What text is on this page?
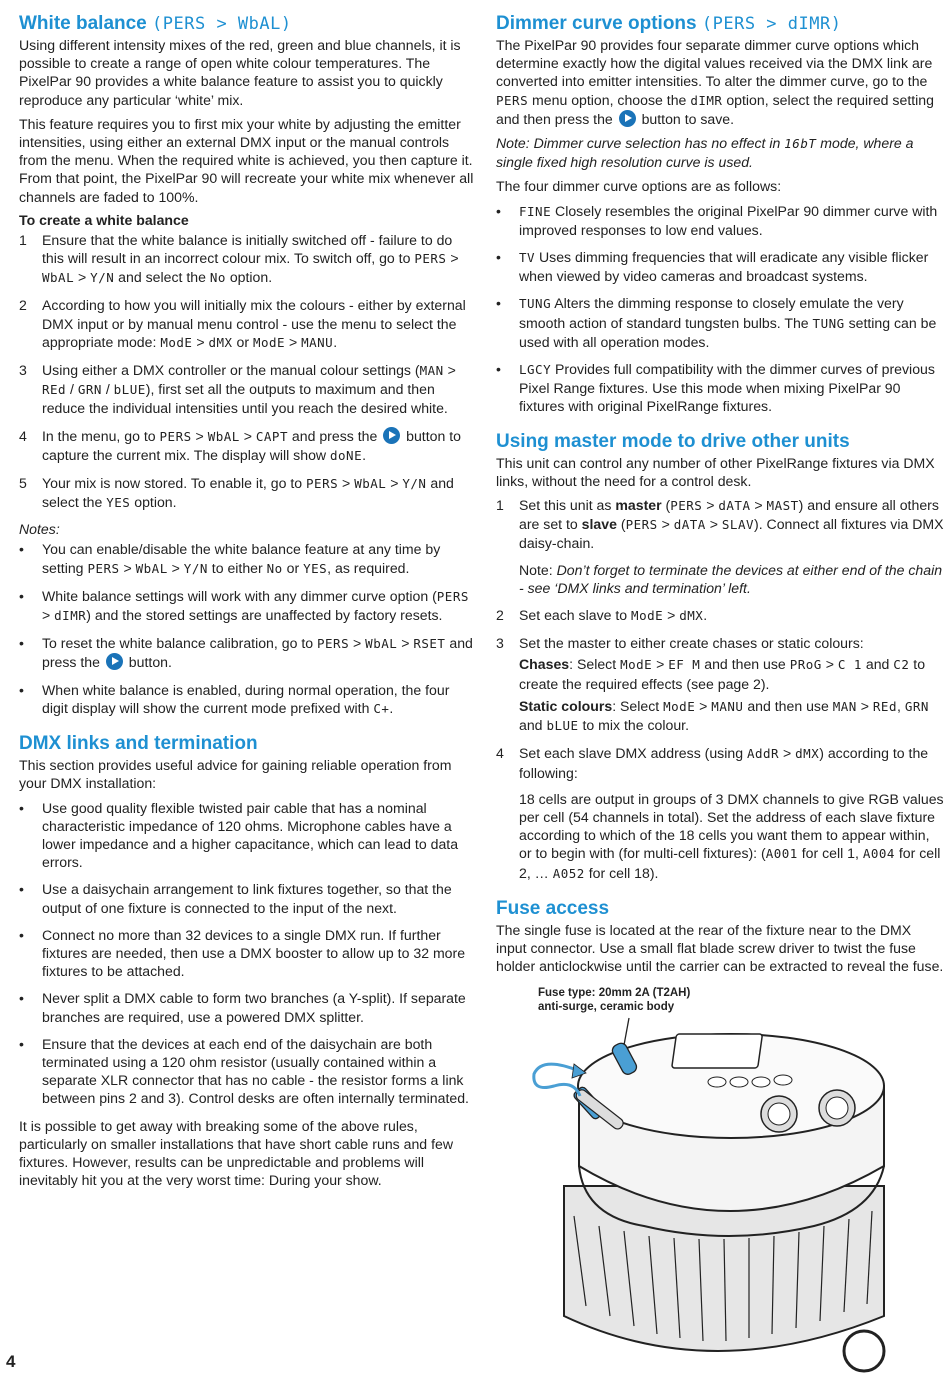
White balance (PERS > WbAL)

Using different intensity mixes of the red, green and blue channels, it is possible to create a range of open white colour temperatures. The PixelPar 90 provides a white balance feature to assist you to quickly reproduce any particular ‘white’ mix.

This feature requires you to first mix your white by adjusting the emitter intensities, using either an external DMX input or the manual controls from the menu. When the required white is achieved, you then capture it. From that point, the PixelPar 90 will recreate your white mix whenever all channels are faded to 100%.

To create a white balance
1 Ensure that the white balance is initially switched off - failure to do this will result in an incorrect colour mix. To switch off, go to PERS > WbAL > Y/N and select the No option.
2 According to how you will initially mix the colours - either by external DMX input or by manual menu control - use the menu to select the appropriate mode: ModE > dMX or ModE > MANU.
3 Using either a DMX controller or the manual colour settings (MAN > REd / GRN / bLUE), first set all the outputs to maximum and then reduce the individual intensities until you reach the desired white.
4 In the menu, go to PERS > WbAL > CAPT and press the  button to capture the current mix. The display will show doNE.
5 Your mix is now stored. To enable it, go to PERS > WbAL > Y/N and select the YES option.
Notes:
• You can enable/disable the white balance feature at any time by setting PERS > WbAL > Y/N to either No or YES, as required.
• White balance settings will work with any dimmer curve option (PERS > dIMR) and the stored settings are unaffected by factory resets.
• To reset the white balance calibration, go to PERS > WbAL > RSET and press the  button.
• When white balance is enabled, during normal operation, the four digit display will show the current mode prefixed with C+.
DMX links and termination

This section provides useful advice for gaining reliable operation from your DMX installation:

• Use good quality flexible twisted pair cable that has a nominal characteristic impedance of 120 ohms. Microphone cables have a lower impedance and a higher capacitance, which can lead to data errors.
• Use a daisychain arrangement to link fixtures together, so that the output of one fixture is connected to the input of the next.
• Connect no more than 32 devices to a single DMX run. If further fixtures are needed, then use a DMX booster to allow up to 32 more fixtures to be attached.
• Never split a DMX cable to form two branches (a Y-split). If separate branches are required, use a powered DMX splitter.
• Ensure that the devices at each end of the daisychain are both terminated using a 120 ohm resistor (usually contained within a separate XLR connector that has no cable - the resistor forms a link between pins 2 and 3). Control desks are often internally terminated.

It is possible to get away with breaking some of the above rules, particularly on smaller installations that have short cable runs and few fixtures. However, results can be unpredictable and problems will inevitably hit you at the very worst time: During your show.

Dimmer curve options (PERS > dIMR)

The PixelPar 90 provides four separate dimmer curve options which determine exactly how the digital values received via the DMX link are converted into emitter intensities. To alter the dimmer curve, go to the PERS menu option, choose the dIMR option, select the required setting and then press the  button to save.

Note: Dimmer curve selection has no effect in 16bT mode, where a single fixed high resolution curve is used.

The four dimmer curve options are as follows:

• FINE Closely resembles the original PixelPar 90 dimmer curve with improved responses to low end values.
• TV Uses dimming frequencies that will eradicate any visible flicker when viewed by video cameras and broadcast systems.
• TUNG Alters the dimming response to closely emulate the very smooth action of standard tungsten bulbs. The TUNG setting can be used with all operation modes.
• LGCY Provides full compatibility with the dimmer curves of previous Pixel Range fixtures. Use this mode when mixing PixelPar 90 fixtures with original PixelRange fixtures.
Using master mode to drive other units

This unit can control any number of other PixelRange fixtures via DMX links, without the need for a control desk.

1 Set this unit as master (PERS > dATA > MAST) and ensure all others are set to slave (PERS > dATA > SLAV). Connect all fixtures via DMX daisy-chain.
Note: Don’t forget to terminate the devices at either end of the chain - see ‘DMX links and termination’ left.
2 Set each slave to ModE > dMX.
3 Set the master to either create chases or static colours:
Chases: Select ModE > EF M and then use PRoG > C 1 and C2 to create the required effects (see page 2).
Static colours: Select ModE > MANU and then use MAN > REd, GRN and bLUE to mix the colour.
4 Set each slave DMX address (using AddR > dMX) according to the following:
18 cells are output in groups of 3 DMX channels to give RGB values per cell (54 channels in total). Set the address of each slave fixture according to which of the 18 cells you want them to appear within, or to begin with (for multi-cell fixtures): (A001 for cell 1, A004 for cell 2, … A052 for cell 18).
Fuse access

The single fuse is located at the rear of the fixture near to the DMX input connector. Use a small flat blade screw driver to twist the fuse holder anticlockwise until the carrier can be extracted to reveal the fuse.

Fuse type: 20mm 2A (T2AH)
anti-surge, ceramic body
4
